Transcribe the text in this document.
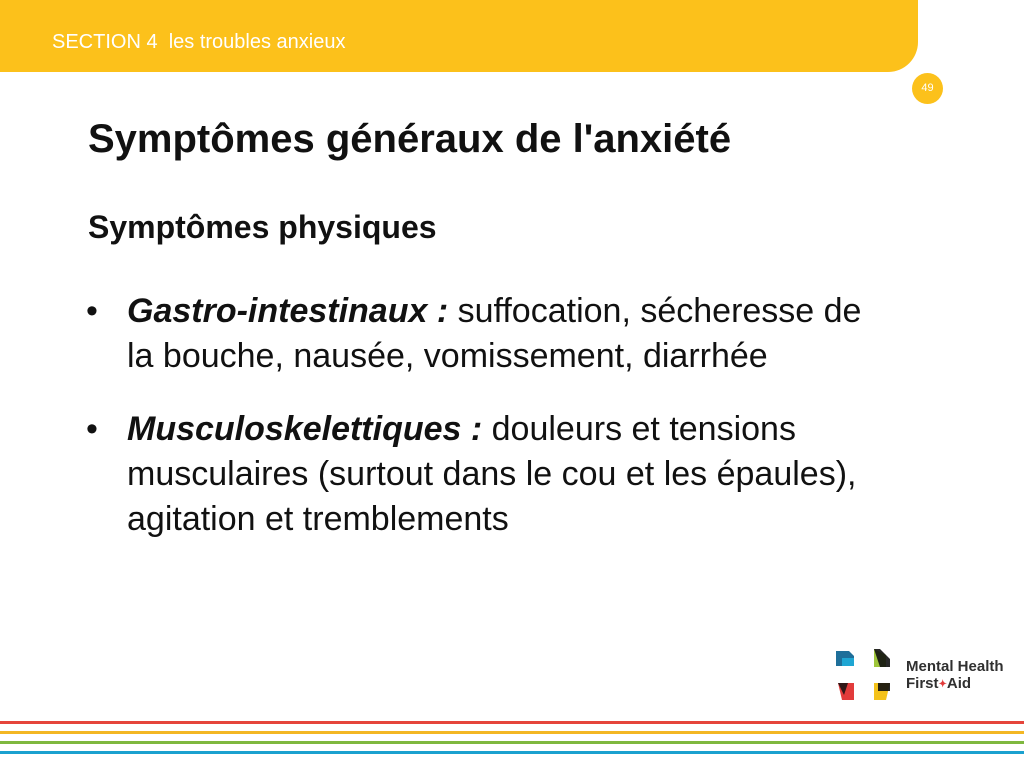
SECTION 4  les troubles anxieux
49
Symptômes généraux de l'anxiété
Symptômes physiques
• Gastro-intestinaux : suffocation, sécheresse de la bouche, nausée, vomissement, diarrhée
• Musculoskelettiques : douleurs et tensions musculaires (surtout dans le cou et les épaules), agitation et tremblements
Mental Health
First✦Aid
